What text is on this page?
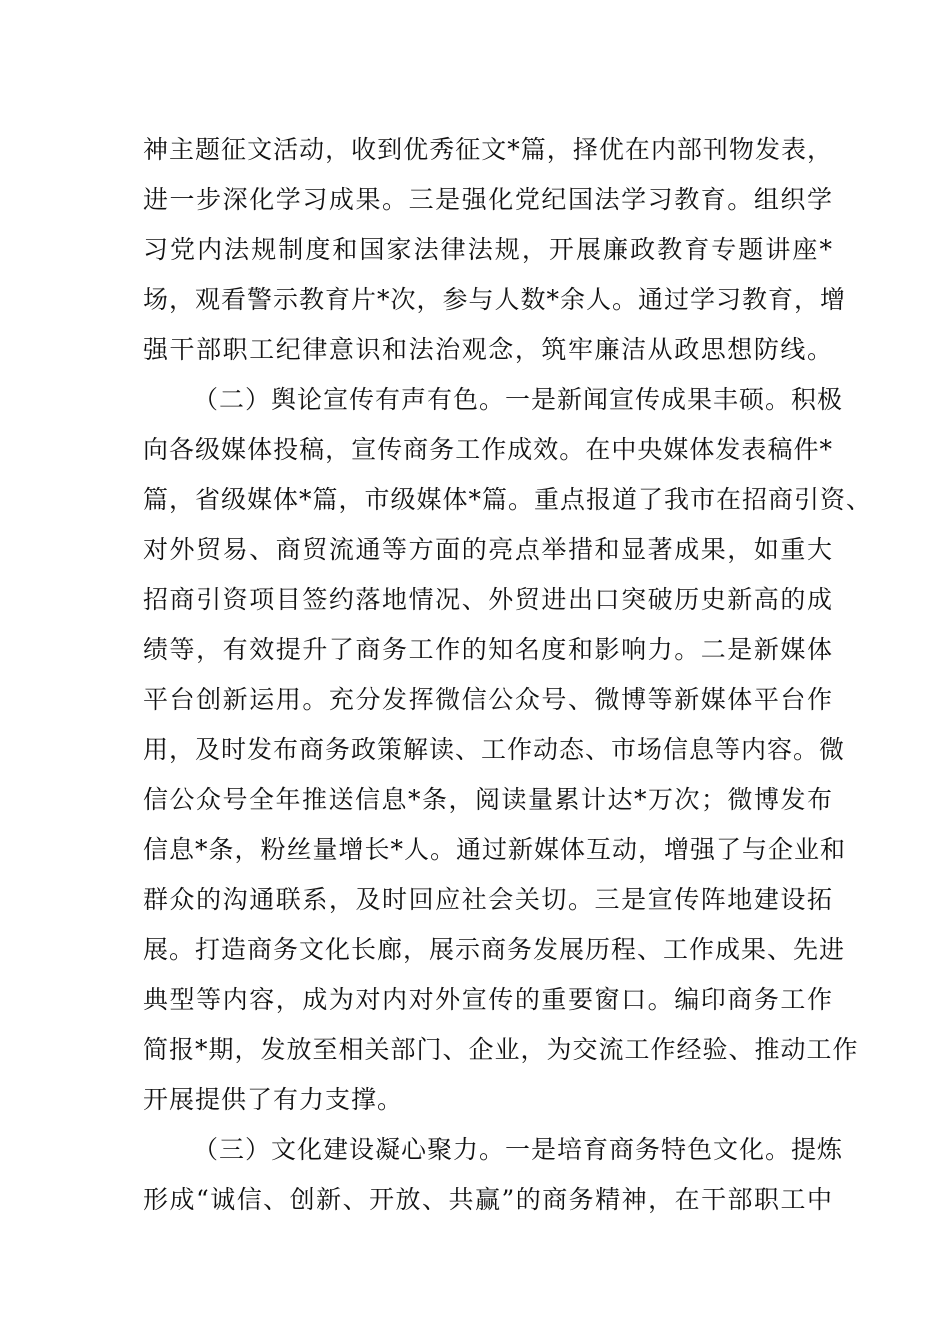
神主题征文活动，收到优秀征文*篇，择优在内部刊物发表，
进一步深化学习成果。三是强化党纪国法学习教育。组织学
习党内法规制度和国家法律法规，开展廉政教育专题讲座*
场，观看警示教育片*次，参与人数*余人。通过学习教育，增
强干部职工纪律意识和法治观念，筑牢廉洁从政思想防线。
（二）舆论宣传有声有色。一是新闻宣传成果丰硕。积极
向各级媒体投稿，宣传商务工作成效。在中央媒体发表稿件*
篇，省级媒体*篇，市级媒体*篇。重点报道了我市在招商引资、
对外贸易、商贸流通等方面的亮点举措和显著成果，如重大
招商引资项目签约落地情况、外贸进出口突破历史新高的成
绩等，有效提升了商务工作的知名度和影响力。二是新媒体
平台创新运用。充分发挥微信公众号、微博等新媒体平台作
用，及时发布商务政策解读、工作动态、市场信息等内容。微
信公众号全年推送信息*条，阅读量累计达*万次；微博发布
信息*条，粉丝量增长*人。通过新媒体互动，增强了与企业和
群众的沟通联系，及时回应社会关切。三是宣传阵地建设拓
展。打造商务文化长廊，展示商务发展历程、工作成果、先进
典型等内容，成为对内对外宣传的重要窗口。编印商务工作
简报*期，发放至相关部门、企业，为交流工作经验、推动工作
开展提供了有力支撑。
（三）文化建设凝心聚力。一是培育商务特色文化。提炼
形成“诚信、创新、开放、共赢”的商务精神，在干部职工中
